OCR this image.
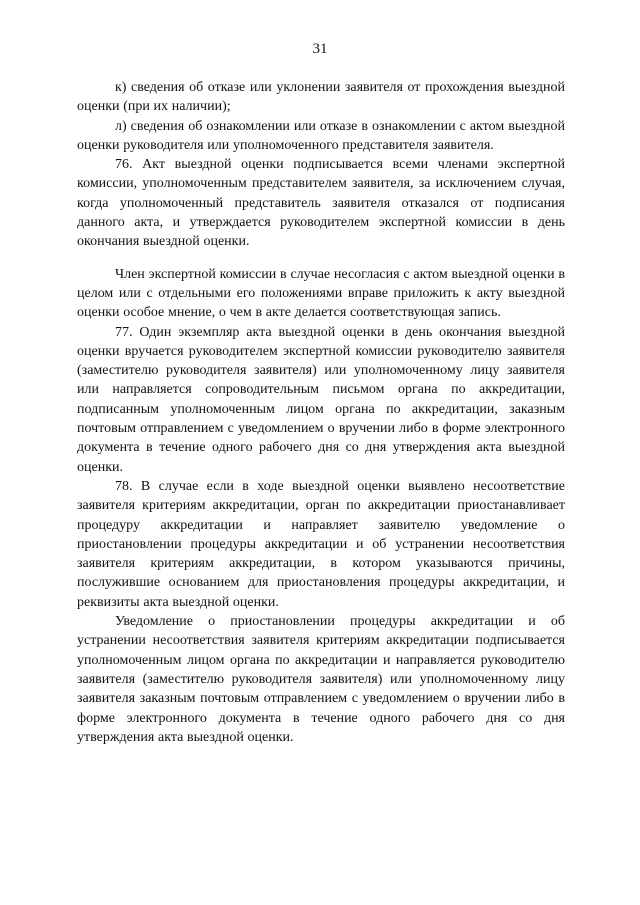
31

к) сведения об отказе или уклонении заявителя от прохождения выездной оценки (при их наличии);

л) сведения об ознакомлении или отказе в ознакомлении с актом выездной оценки руководителя или уполномоченного представителя заявителя.

76. Акт выездной оценки подписывается всеми членами экспертной комиссии, уполномоченным представителем заявителя, за исключением случая, когда уполномоченный представитель заявителя отказался от подписания данного акта, и утверждается руководителем экспертной комиссии в день окончания выездной оценки.

Член экспертной комиссии в случае несогласия с актом выездной оценки в целом или с отдельными его положениями вправе приложить к акту выездной оценки особое мнение, о чем в акте делается соответствующая запись.

77. Один экземпляр акта выездной оценки в день окончания выездной оценки вручается руководителем экспертной комиссии руководителю заявителя (заместителю руководителя заявителя) или уполномоченному лицу заявителя или направляется сопроводительным письмом органа по аккредитации, подписанным уполномоченным лицом органа по аккредитации, заказным почтовым отправлением с уведомлением о вручении либо в форме электронного документа в течение одного рабочего дня со дня утверждения акта выездной оценки.

78. В случае если в ходе выездной оценки выявлено несоответствие заявителя критериям аккредитации, орган по аккредитации приостанавливает процедуру аккредитации и направляет заявителю уведомление о приостановлении процедуры аккредитации и об устранении несоответствия заявителя критериям аккредитации, в котором указываются причины, послужившие основанием для приостановления процедуры аккредитации, и реквизиты акта выездной оценки.

Уведомление о приостановлении процедуры аккредитации и об устранении несоответствия заявителя критериям аккредитации подписывается уполномоченным лицом органа по аккредитации и направляется руководителю заявителя (заместителю руководителя заявителя) или уполномоченному лицу заявителя заказным почтовым отправлением с уведомлением о вручении либо в форме электронного документа в течение одного рабочего дня со дня утверждения акта выездной оценки.
